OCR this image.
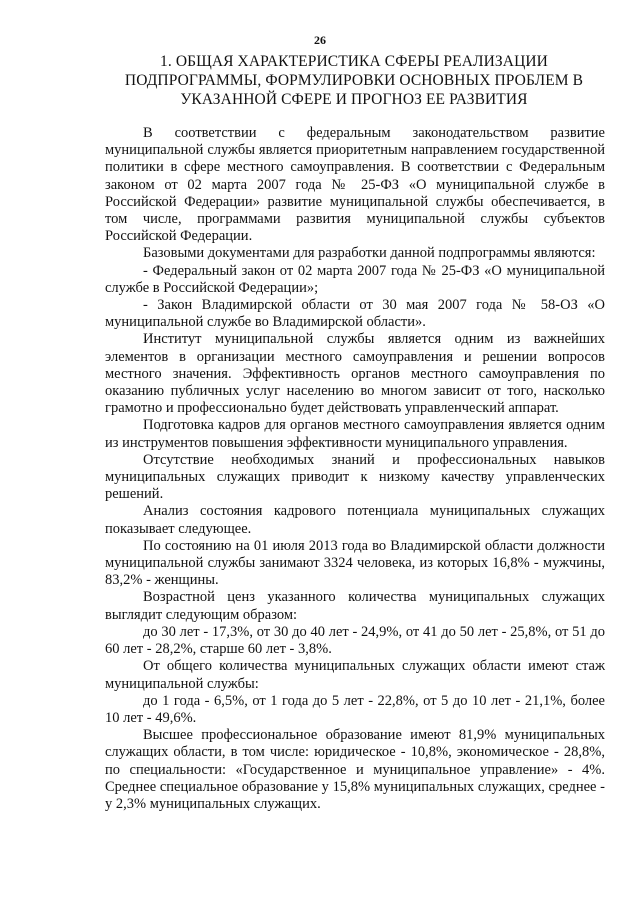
26
1. ОБЩАЯ ХАРАКТЕРИСТИКА СФЕРЫ РЕАЛИЗАЦИИ ПОДПРОГРАММЫ, ФОРМУЛИРОВКИ ОСНОВНЫХ ПРОБЛЕМ В УКАЗАННОЙ СФЕРЕ И ПРОГНОЗ ЕЕ РАЗВИТИЯ

В соответствии с федеральным законодательством развитие муниципальной службы является приоритетным направлением государственной политики в сфере местного самоуправления. В соответствии с Федеральным законом от 02 марта 2007 года № 25-ФЗ «О муниципальной службе в Российской Федерации» развитие муниципальной службы обеспечивается, в том числе, программами развития муниципальной службы субъектов Российской Федерации.

Базовыми документами для разработки данной подпрограммы являются:

- Федеральный закон от 02 марта 2007 года № 25-ФЗ «О муниципальной службе в Российской Федерации»;

- Закон Владимирской области от 30 мая 2007 года № 58-ОЗ «О муниципальной службе во Владимирской области».

Институт муниципальной службы является одним из важнейших элементов в организации местного самоуправления и решении вопросов местного значения. Эффективность органов местного самоуправления по оказанию публичных услуг населению во многом зависит от того, насколько грамотно и профессионально будет действовать управленческий аппарат.

Подготовка кадров для органов местного самоуправления является одним из инструментов повышения эффективности муниципального управления.

Отсутствие необходимых знаний и профессиональных навыков муниципальных служащих приводит к низкому качеству управленческих решений.

Анализ состояния кадрового потенциала муниципальных служащих показывает следующее.

По состоянию на 01 июля 2013 года во Владимирской области должности муниципальной службы занимают 3324 человека, из которых 16,8% - мужчины, 83,2% - женщины.

Возрастной ценз указанного количества муниципальных служащих выглядит следующим образом:

до 30 лет - 17,3%, от 30 до 40 лет - 24,9%, от 41 до 50 лет - 25,8%, от 51 до 60 лет - 28,2%, старше 60 лет - 3,8%.

От общего количества муниципальных служащих области имеют стаж муниципальной службы:

до 1 года - 6,5%, от 1 года до 5 лет - 22,8%, от 5 до 10 лет - 21,1%, более 10 лет - 49,6%.

Высшее профессиональное образование имеют 81,9% муниципальных служащих области, в том числе: юридическое - 10,8%, экономическое - 28,8%, по специальности: «Государственное и муниципальное управление» - 4%. Среднее специальное образование у 15,8% муниципальных служащих, среднее - у 2,3% муниципальных служащих.
